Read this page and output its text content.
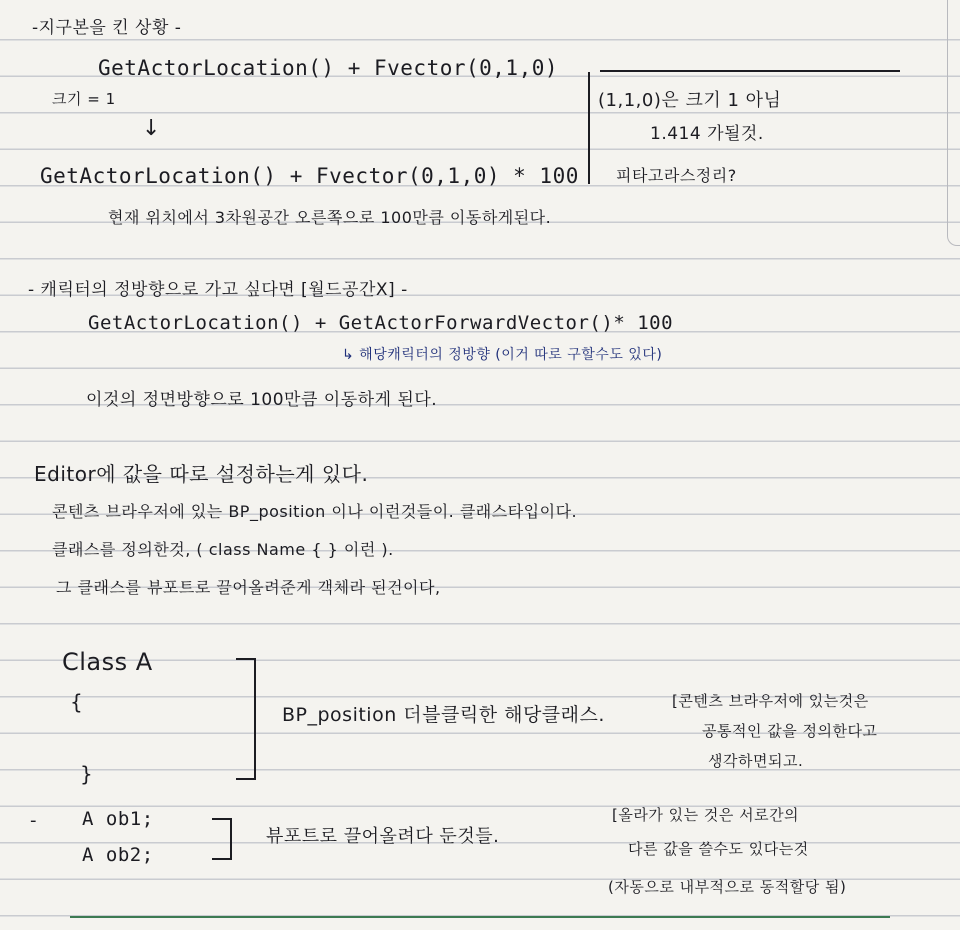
-지구본을 킨 상황 -
GetActorLocation() + Fvector(0,1,0)
크기 = 1
↓
GetActorLocation() + Fvector(0,1,0) * 100
현재 위치에서 3차원공간 오른쪽으로 100만큼 이동하게된다.
(1,1,0)은 크기 1 아님
1.414 가될것.
피타고라스정리?
- 캐릭터의 정방향으로 가고 싶다면 [월드공간X] -
GetActorLocation() + GetActorForwardVector()* 100
↳ 해당캐릭터의 정방향 (이거 따로 구할수도 있다)
이것의 정면방향으로 100만큼 이동하게 된다.
Editor에 값을 따로 설정하는게 있다.
콘텐츠 브라우저에 있는 BP_position 이나 이런것들이. 클래스타입이다.
클래스를 정의한것, ( class Name { } 이런 ).
그 클래스를 뷰포트로 끌어올려준게 객체라 된건이다,
Class A
{
}
BP_position 더블클릭한 해당클래스.
[콘텐츠 브라우저에 있는것은
공통적인 값을 정의한다고
생각하면되고.
- A ob1;
A ob2;
뷰포트로 끌어올려다 둔것들.
[올라가 있는 것은 서로간의
다른 값을 쓸수도 있다는것
(자동으로 내부적으로 동적할당 됨)
